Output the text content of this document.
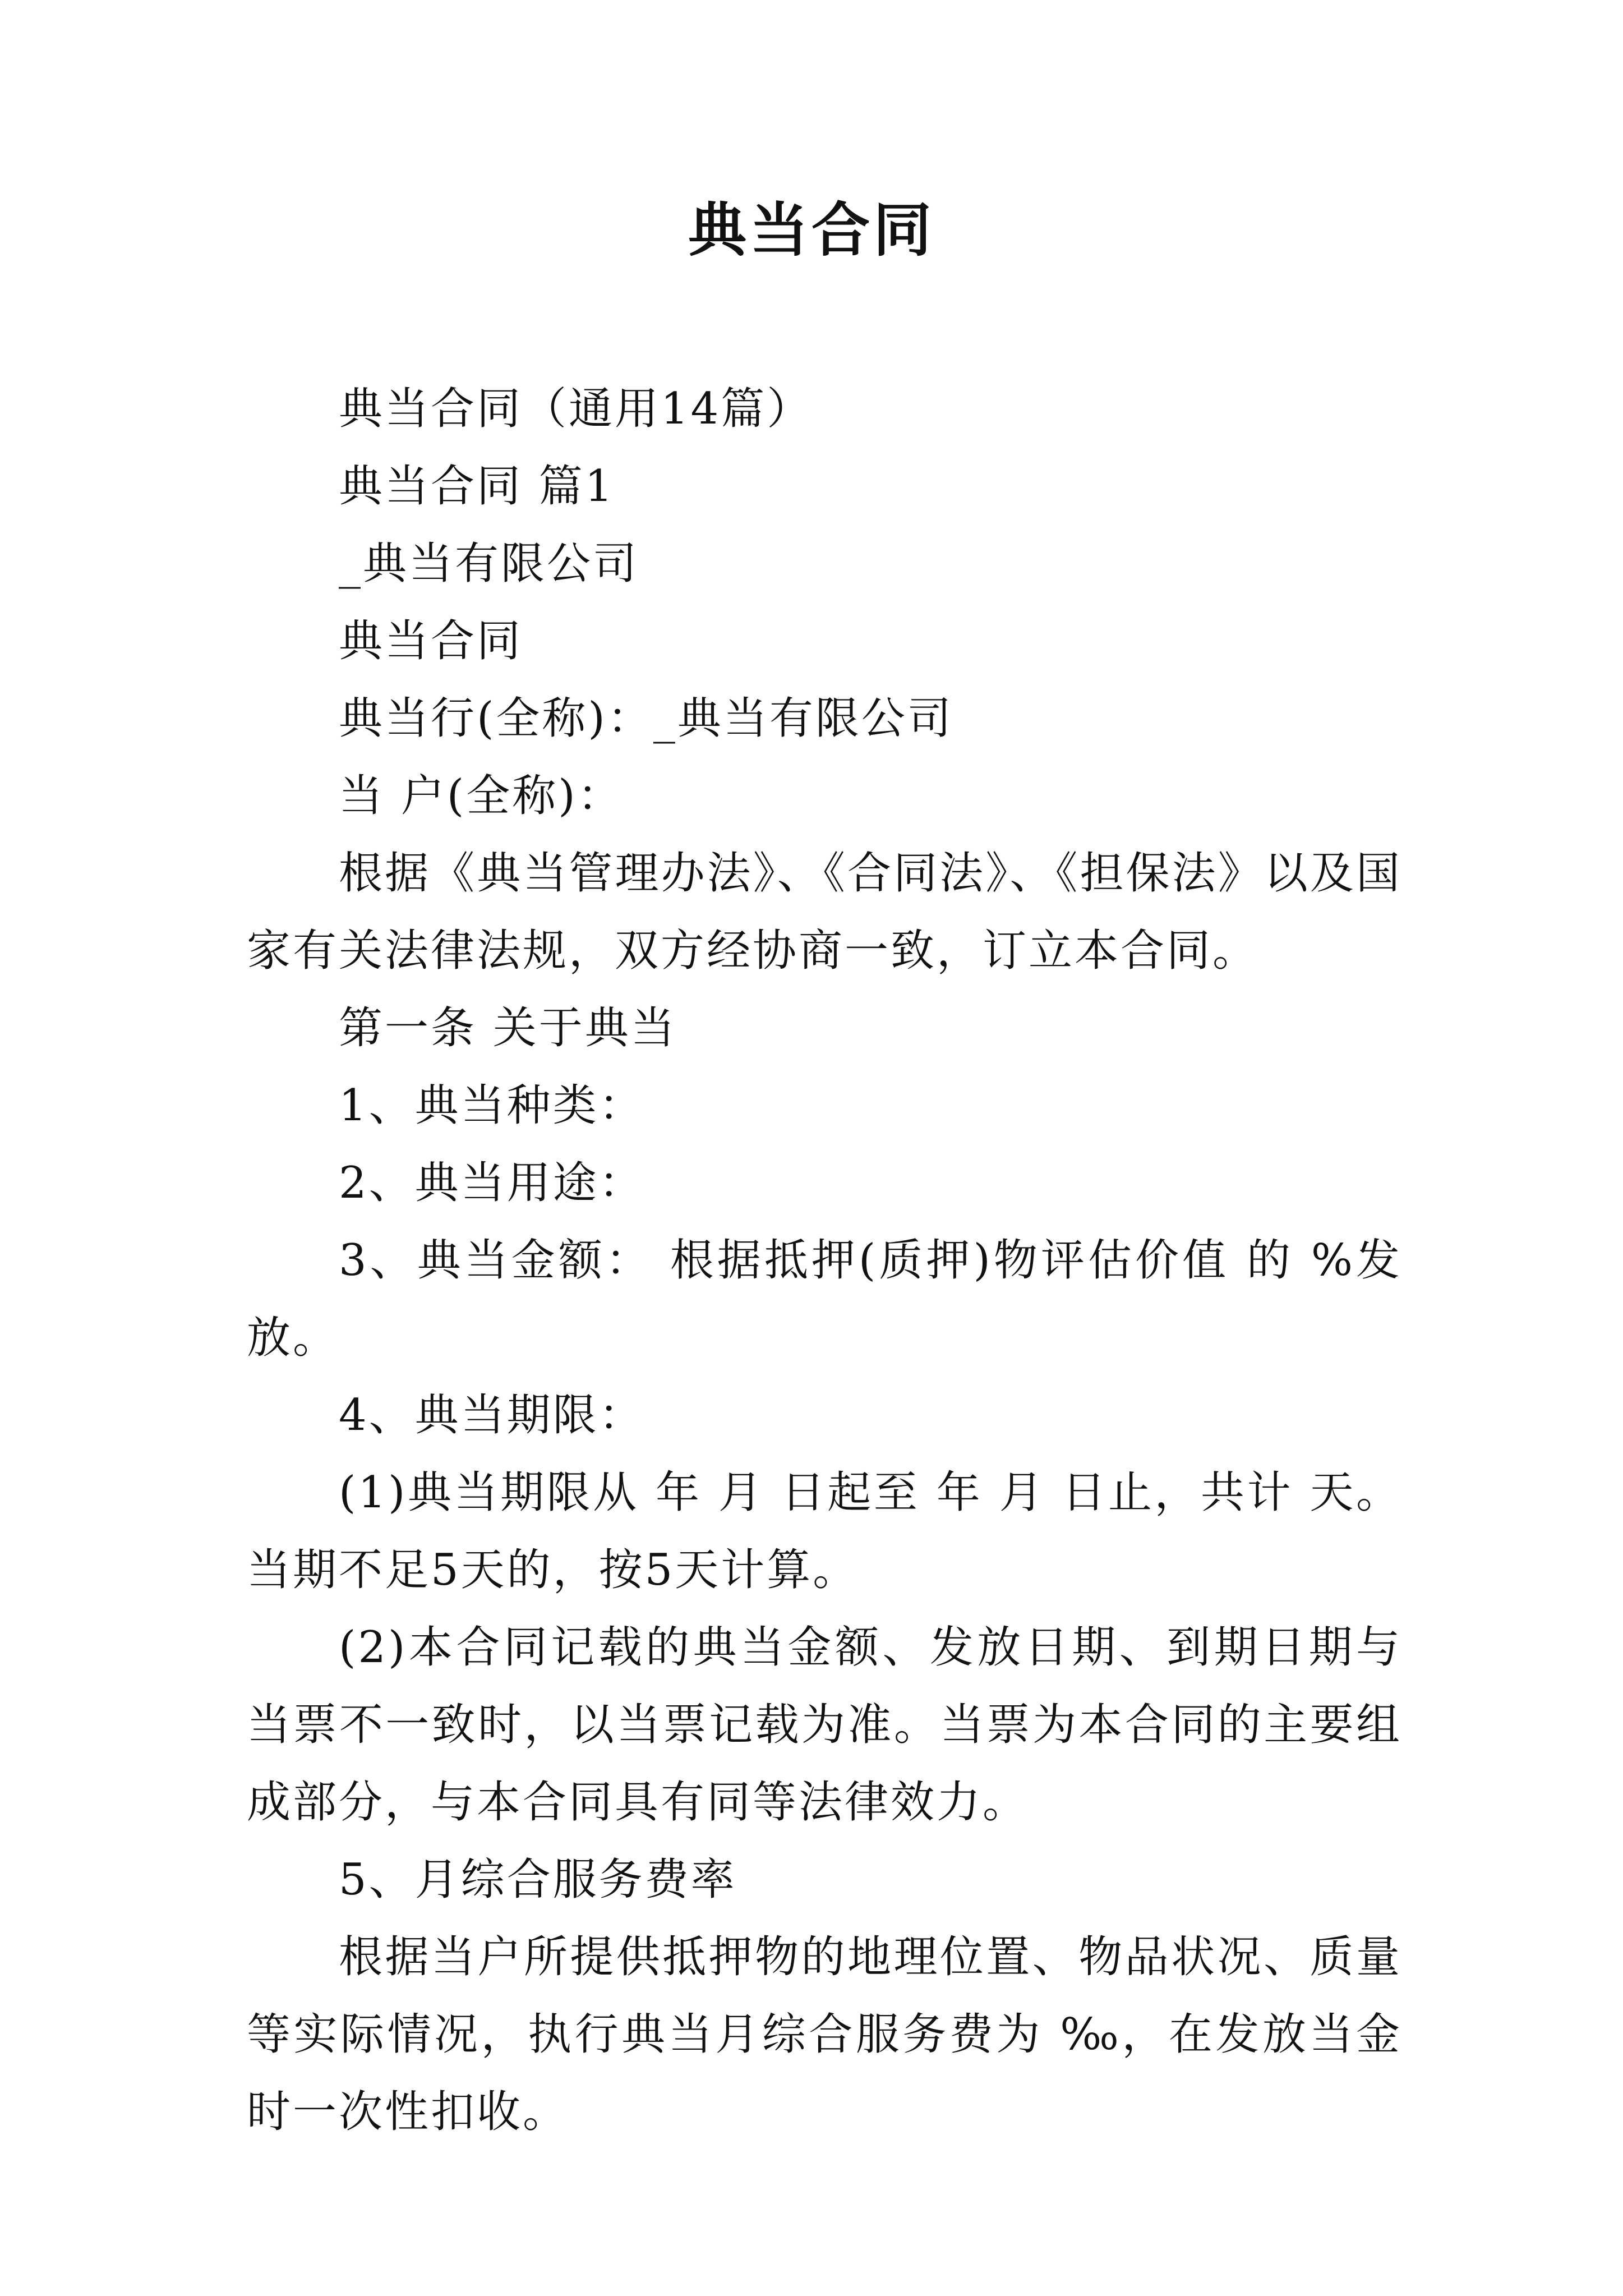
典当合同

典当合同（通用14篇）

典当合同 篇1

_典当有限公司

典当合同

典当行(全称)：_典当有限公司

当 户(全称)：

根据《典当管理办法》、《合同法》、《担保法》以及国家有关法律法规，双方经协商一致，订立本合同。

第一条 关于典当

1、典当种类：

2、典当用途：

3、典当金额： 根据抵押(质押)物评估价值 的 %发放。

4、典当期限：

(1)典当期限从 年 月 日起至 年 月 日止，共计 天。当期不足5天的，按5天计算。

(2)本合同记载的典当金额、发放日期、到期日期与当票不一致时，以当票记载为准。当票为本合同的主要组成部分，与本合同具有同等法律效力。

5、月综合服务费率

根据当户所提供抵押物的地理位置、物品状况、质量等实际情况，执行典当月综合服务费为 ‰，在发放当金时一次性扣收。
